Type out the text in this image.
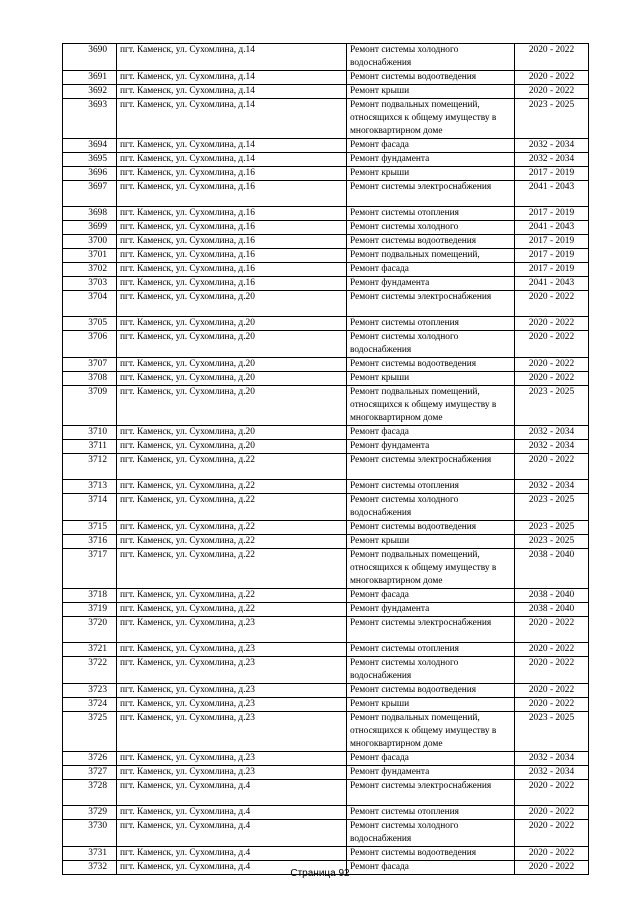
3690	пгт. Каменск, ул. Сухомлина, д.14	Ремонт системы холодного
водоснабжения	2020 - 2022
3691	пгт. Каменск, ул. Сухомлина, д.14	Ремонт системы водоотведения	2020 - 2022
3692	пгт. Каменск, ул. Сухомлина, д.14	Ремонт крыши	2020 - 2022
3693	пгт. Каменск, ул. Сухомлина, д.14	Ремонт подвальных помещений,
относящихся к общему имуществу в
многоквартирном доме	2023 - 2025
3694	пгт. Каменск, ул. Сухомлина, д.14	Ремонт фасада	2032 - 2034
3695	пгт. Каменск, ул. Сухомлина, д.14	Ремонт фундамента	2032 - 2034
3696	пгт. Каменск, ул. Сухомлина, д.16	Ремонт крыши	2017 - 2019
3697	пгт. Каменск, ул. Сухомлина, д.16	Ремонт системы электроснабжения	2041 - 2043
3698	пгт. Каменск, ул. Сухомлина, д.16	Ремонт системы отопления	2017 - 2019
3699	пгт. Каменск, ул. Сухомлина, д.16	Ремонт системы холодного	2041 - 2043
3700	пгт. Каменск, ул. Сухомлина, д.16	Ремонт системы водоотведения	2017 - 2019
3701	пгт. Каменск, ул. Сухомлина, д.16	Ремонт подвальных помещений,	2017 - 2019
3702	пгт. Каменск, ул. Сухомлина, д.16	Ремонт фасада	2017 - 2019
3703	пгт. Каменск, ул. Сухомлина, д.16	Ремонт фундамента	2041 - 2043
3704	пгт. Каменск, ул. Сухомлина, д.20	Ремонт системы электроснабжения	2020 - 2022
3705	пгт. Каменск, ул. Сухомлина, д.20	Ремонт системы отопления	2020 - 2022
3706	пгт. Каменск, ул. Сухомлина, д.20	Ремонт системы холодного
водоснабжения	2020 - 2022
3707	пгт. Каменск, ул. Сухомлина, д.20	Ремонт системы водоотведения	2020 - 2022
3708	пгт. Каменск, ул. Сухомлина, д.20	Ремонт крыши	2020 - 2022
3709	пгт. Каменск, ул. Сухомлина, д.20	Ремонт подвальных помещений,
относящихся к общему имуществу в
многоквартирном доме	2023 - 2025
3710	пгт. Каменск, ул. Сухомлина, д.20	Ремонт фасада	2032 - 2034
3711	пгт. Каменск, ул. Сухомлина, д.20	Ремонт фундамента	2032 - 2034
3712	пгт. Каменск, ул. Сухомлина, д.22	Ремонт системы электроснабжения	2020 - 2022
3713	пгт. Каменск, ул. Сухомлина, д.22	Ремонт системы отопления	2032 - 2034
3714	пгт. Каменск, ул. Сухомлина, д.22	Ремонт системы холодного
водоснабжения	2023 - 2025
3715	пгт. Каменск, ул. Сухомлина, д.22	Ремонт системы водоотведения	2023 - 2025
3716	пгт. Каменск, ул. Сухомлина, д.22	Ремонт крыши	2023 - 2025
3717	пгт. Каменск, ул. Сухомлина, д.22	Ремонт подвальных помещений,
относящихся к общему имуществу в
многоквартирном доме	2038 - 2040
3718	пгт. Каменск, ул. Сухомлина, д.22	Ремонт фасада	2038 - 2040
3719	пгт. Каменск, ул. Сухомлина, д.22	Ремонт фундамента	2038 - 2040
3720	пгт. Каменск, ул. Сухомлина, д.23	Ремонт системы электроснабжения	2020 - 2022
3721	пгт. Каменск, ул. Сухомлина, д.23	Ремонт системы отопления	2020 - 2022
3722	пгт. Каменск, ул. Сухомлина, д.23	Ремонт системы холодного
водоснабжения	2020 - 2022
3723	пгт. Каменск, ул. Сухомлина, д.23	Ремонт системы водоотведения	2020 - 2022
3724	пгт. Каменск, ул. Сухомлина, д.23	Ремонт крыши	2020 - 2022
3725	пгт. Каменск, ул. Сухомлина, д.23	Ремонт подвальных помещений,
относящихся к общему имуществу в
многоквартирном доме	2023 - 2025
3726	пгт. Каменск, ул. Сухомлина, д.23	Ремонт фасада	2032 - 2034
3727	пгт. Каменск, ул. Сухомлина, д.23	Ремонт фундамента	2032 - 2034
3728	пгт. Каменск, ул. Сухомлина, д.4	Ремонт системы электроснабжения	2020 - 2022
3729	пгт. Каменск, ул. Сухомлина, д.4	Ремонт системы отопления	2020 - 2022
3730	пгт. Каменск, ул. Сухомлина, д.4	Ремонт системы холодного
водоснабжения	2020 - 2022
3731	пгт. Каменск, ул. Сухомлина, д.4	Ремонт системы водоотведения	2020 - 2022
3732	пгт. Каменск, ул. Сухомлина, д.4	Ремонт фасада	2020 - 2022
Страница 92
